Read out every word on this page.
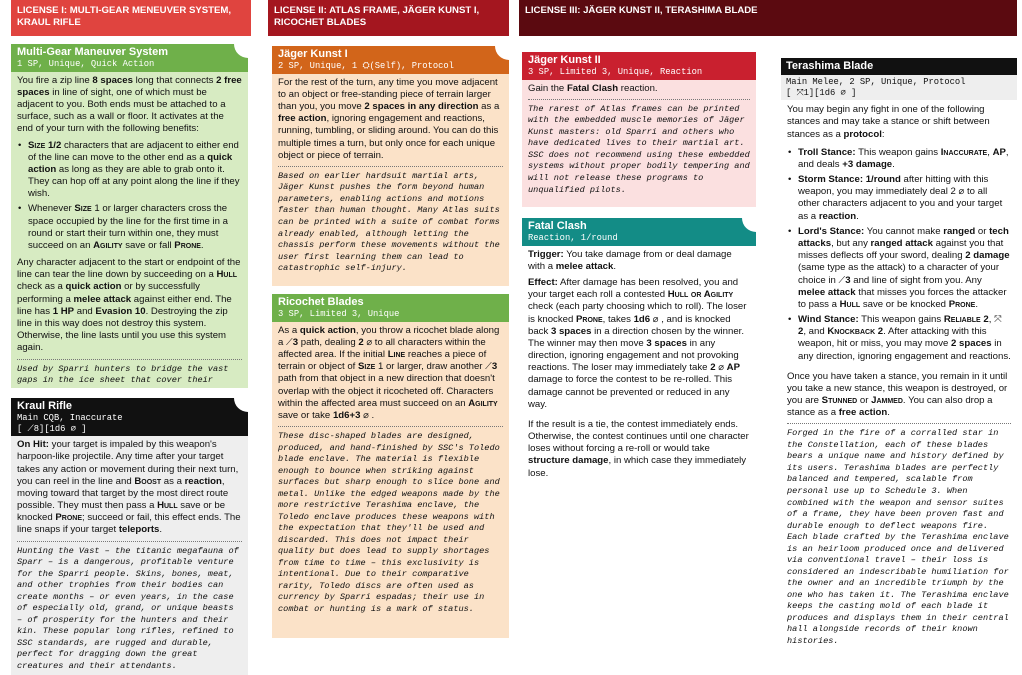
LICENSE I: MULTI-GEAR MENEUVER SYSTEM, KRAUL RIFLE
Multi-Gear Maneuver System
1 SP, Unique, Quick Action

You fire a zip line 8 spaces long that connects 2 free spaces in line of sight, one of which must be adjacent to you. Both ends must be attached to a surface, such as a wall or floor. It activates at the end of your turn with the following benefits:

• Size 1/2 characters that are adjacent to either end of the line can move to the other end as a quick action as long as they are able to grab onto it. They can hop off at any point along the line if they wish.
• Whenever Size 1 or larger characters cross the space occupied by the line for the first time in a round or start their turn within one, they must succeed on an Agility save or fall Prone.

Any character adjacent to the start or endpoint of the line can tear the line down by succeeding on a Hull check as a quick action or by successfully performing a melee attack against either end. The line has 1 HP and Evasion 10. Destroying the zip line in this way does not destroy this system. Otherwise, the line lasts until you use this system again.

Used by Sparri hunters to bridge the vast gaps in the ice sheet that cover their
Kraul Rifle
Main CQB, Inaccurate
[ ⟋8][1d6 ⌀ ]

On Hit: your target is impaled by this weapon's harpoon-like projectile. Any time after your target takes any action or movement during their next turn, you can reel in the line and Boost as a reaction, moving toward that target by the most direct route possible. They must then pass a Hull save or be knocked Prone; succeed or fail, this effect ends. The line snaps if your target teleports.

Hunting the Vast – the titanic megafauna of Sparr – is a dangerous, profitable venture for the Sparri people. Skins, bones, meat, and other trophies from their bodies can create months – or even years, in the case of especially old, grand, or unique beasts – of prosperity for the hunters and their kin. These popular long rifles, refined to SSC standards, are rugged and durable, perfect for dragging down the great creatures and their attendants.
LICENSE II: ATLAS FRAME, JÄGER KUNST I, RICOCHET BLADES
Jäger Kunst I
2 SP, Unique, 1 ⛭(Self), Protocol

For the rest of the turn, any time you move adjacent to an object or free-standing piece of terrain larger than you, you move 2 spaces in any direction as a free action, ignoring engagement and reactions, running, tumbling, or sliding around. You can do this multiple times a turn, but only once for each unique object or piece of terrain.

Based on earlier hardsuit martial arts, Jäger Kunst pushes the form beyond human parameters, enabling actions and motions faster than human thought. Many Atlas suits can be printed with a suite of combat forms already enabled, although letting the chassis perform these movements without the user first learning them can lead to catastrophic self-injury.
Ricochet Blades
3 SP, Limited 3, Unique

As a quick action, you throw a ricochet blade along a ⟋3 path, dealing 2 ⌀ to all characters within the affected area. If the initial Line reaches a piece of terrain or object of Size 1 or larger, draw another ⟋3 path from that object in a new direction that doesn't overlap with the object it ricocheted off. Characters within the affected area must succeed on an Agility save or take 1d6+3 ⌀ .

These disc-shaped blades are designed, produced, and hand-finished by SSC's Toledo blade enclave. The material is flexible enough to bounce when striking against surfaces but sharp enough to slice bone and metal. Unlike the edged weapons made by the more restrictive Terashima enclave, the Toledo enclave produces these weapons with the expectation that they'll be used and discarded. This does not impact their quality but does lead to supply shortages from time to time – this exclusivity is intentional. Due to their comparative rarity, Toledo discs are often used as currency by Sparri espadas; their use in combat or hunting is a mark of status.
LICENSE III: JÄGER KUNST II, TERASHIMA BLADE
Jäger Kunst II
3 SP, Limited 3, Unique, Reaction

Gain the Fatal Clash reaction.

The rarest of Atlas frames can be printed with the embedded muscle memories of Jäger Kunst masters: old Sparri and others who have dedicated lives to their martial art. SSC does not recommend using these embedded systems without proper bodily tempering and will not release these programs to unqualified pilots.
Fatal Clash
Reaction, 1/round

Trigger: You take damage from or deal damage with a melee attack.

Effect: After damage has been resolved, you and your target each roll a contested Hull or Agility check (each party choosing which to roll). The loser is knocked Prone, takes 1d6 ⌀ , and is knocked back 3 spaces in a direction chosen by the winner. The winner may then move 3 spaces in any direction, ignoring engagement and not provoking reactions. The loser may immediately take 2 ⌀ AP damage to force the contest to be re-rolled. This damage cannot be prevented or reduced in any way.

If the result is a tie, the contest immediately ends. Otherwise, the contest continues until one character loses without forcing a re-roll or would take structure damage, in which case they immediately lose.

Terashima Blade
Main Melee, 2 SP, Unique, Protocol
[ ⤧1][1d6 ⌀ ]

You may begin any fight in one of the following stances and may take a stance or shift between stances as a protocol:

• Troll Stance: This weapon gains Inaccurate, AP, and deals +3 damage.
• Storm Stance: 1/round after hitting with this weapon, you may immediately deal 2 ⌀ to all other characters adjacent to you and your target as a reaction.
• Lord's Stance: You cannot make ranged or tech attacks, but any ranged attack against you that misses deflects off your sword, dealing 2 damage (same type as the attack) to a character of your choice in ⟋3 and line of sight from you. Any melee attack that misses you forces the attacker to pass a Hull save or be knocked Prone.
• Wind Stance: This weapon gains Reliable 2, ⤧ 2, and Knockback 2. After attacking with this weapon, hit or miss, you may move 2 spaces in any direction, ignoring engagement and reactions.

Once you have taken a stance, you remain in it until you take a new stance, this weapon is destroyed, or you are Stunned or Jammed. You can also drop a stance as a free action.

Forged in the fire of a corralled star in the Constellation, each of these blades bears a unique name and history defined by its users. Terashima blades are perfectly balanced and tempered, scalable from personal use up to Schedule 3. When combined with the weapon and sensor suites of a frame, they have been proven fast and durable enough to deflect weapons fire. Each blade crafted by the Terashima enclave is an heirloom produced once and delivered via conventional travel – their loss is considered an indescribable humiliation for the owner and an incredible triumph by the one who has taken it. The Terashima enclave keeps the casting mold of each blade it produces and displays them in their central hall alongside records of their known histories.
